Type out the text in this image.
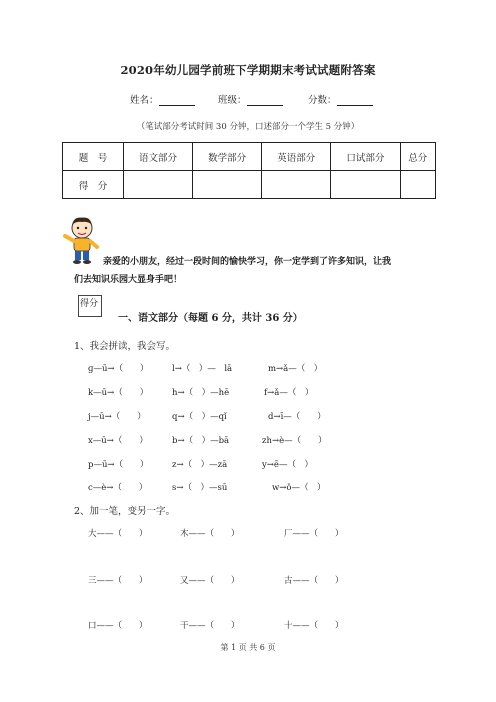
2020年幼儿园学前班下学期期末考试试题附答案
姓名：	班级：	分数：
（笔试部分考试时间 30 分钟，口述部分一个学生 5 分钟）
题　号	语文部分	数学部分	英语部分	口试部分	总分
得　分					
亲爱的小朋友，经过一段时间的愉快学习，你一定学到了许多知识，让我
们去知识乐园大显身手吧！
得分
一、语文部分（每题 6 分，共计 36 分）
1、我会拼读，我会写。
ɡ—ū→（　　）	l→（　）—　lā	m→ǎ—（　）
k—ū→（　　）	h→（　）—hē	f→ǎ—（　）
j—ū→（　　）	q→（　）—qǐ	d→ī—（　　）
x—ū→（　　）	b→（　）—bā	zh→è—（　　）
p—ū→（　　）	z→（　）—zā	y→ē—（　）
c—è→（　　）	s→（　）—sū	w→ǒ—（　）
2、加一笔，变另一字。
大——（　　）	木——（　　）	厂——（　　）
三——（　　）	又——（　　）	古——（　　）
口——（　　）	干——（　　）	十——（　　）
第 1 页 共 6 页
